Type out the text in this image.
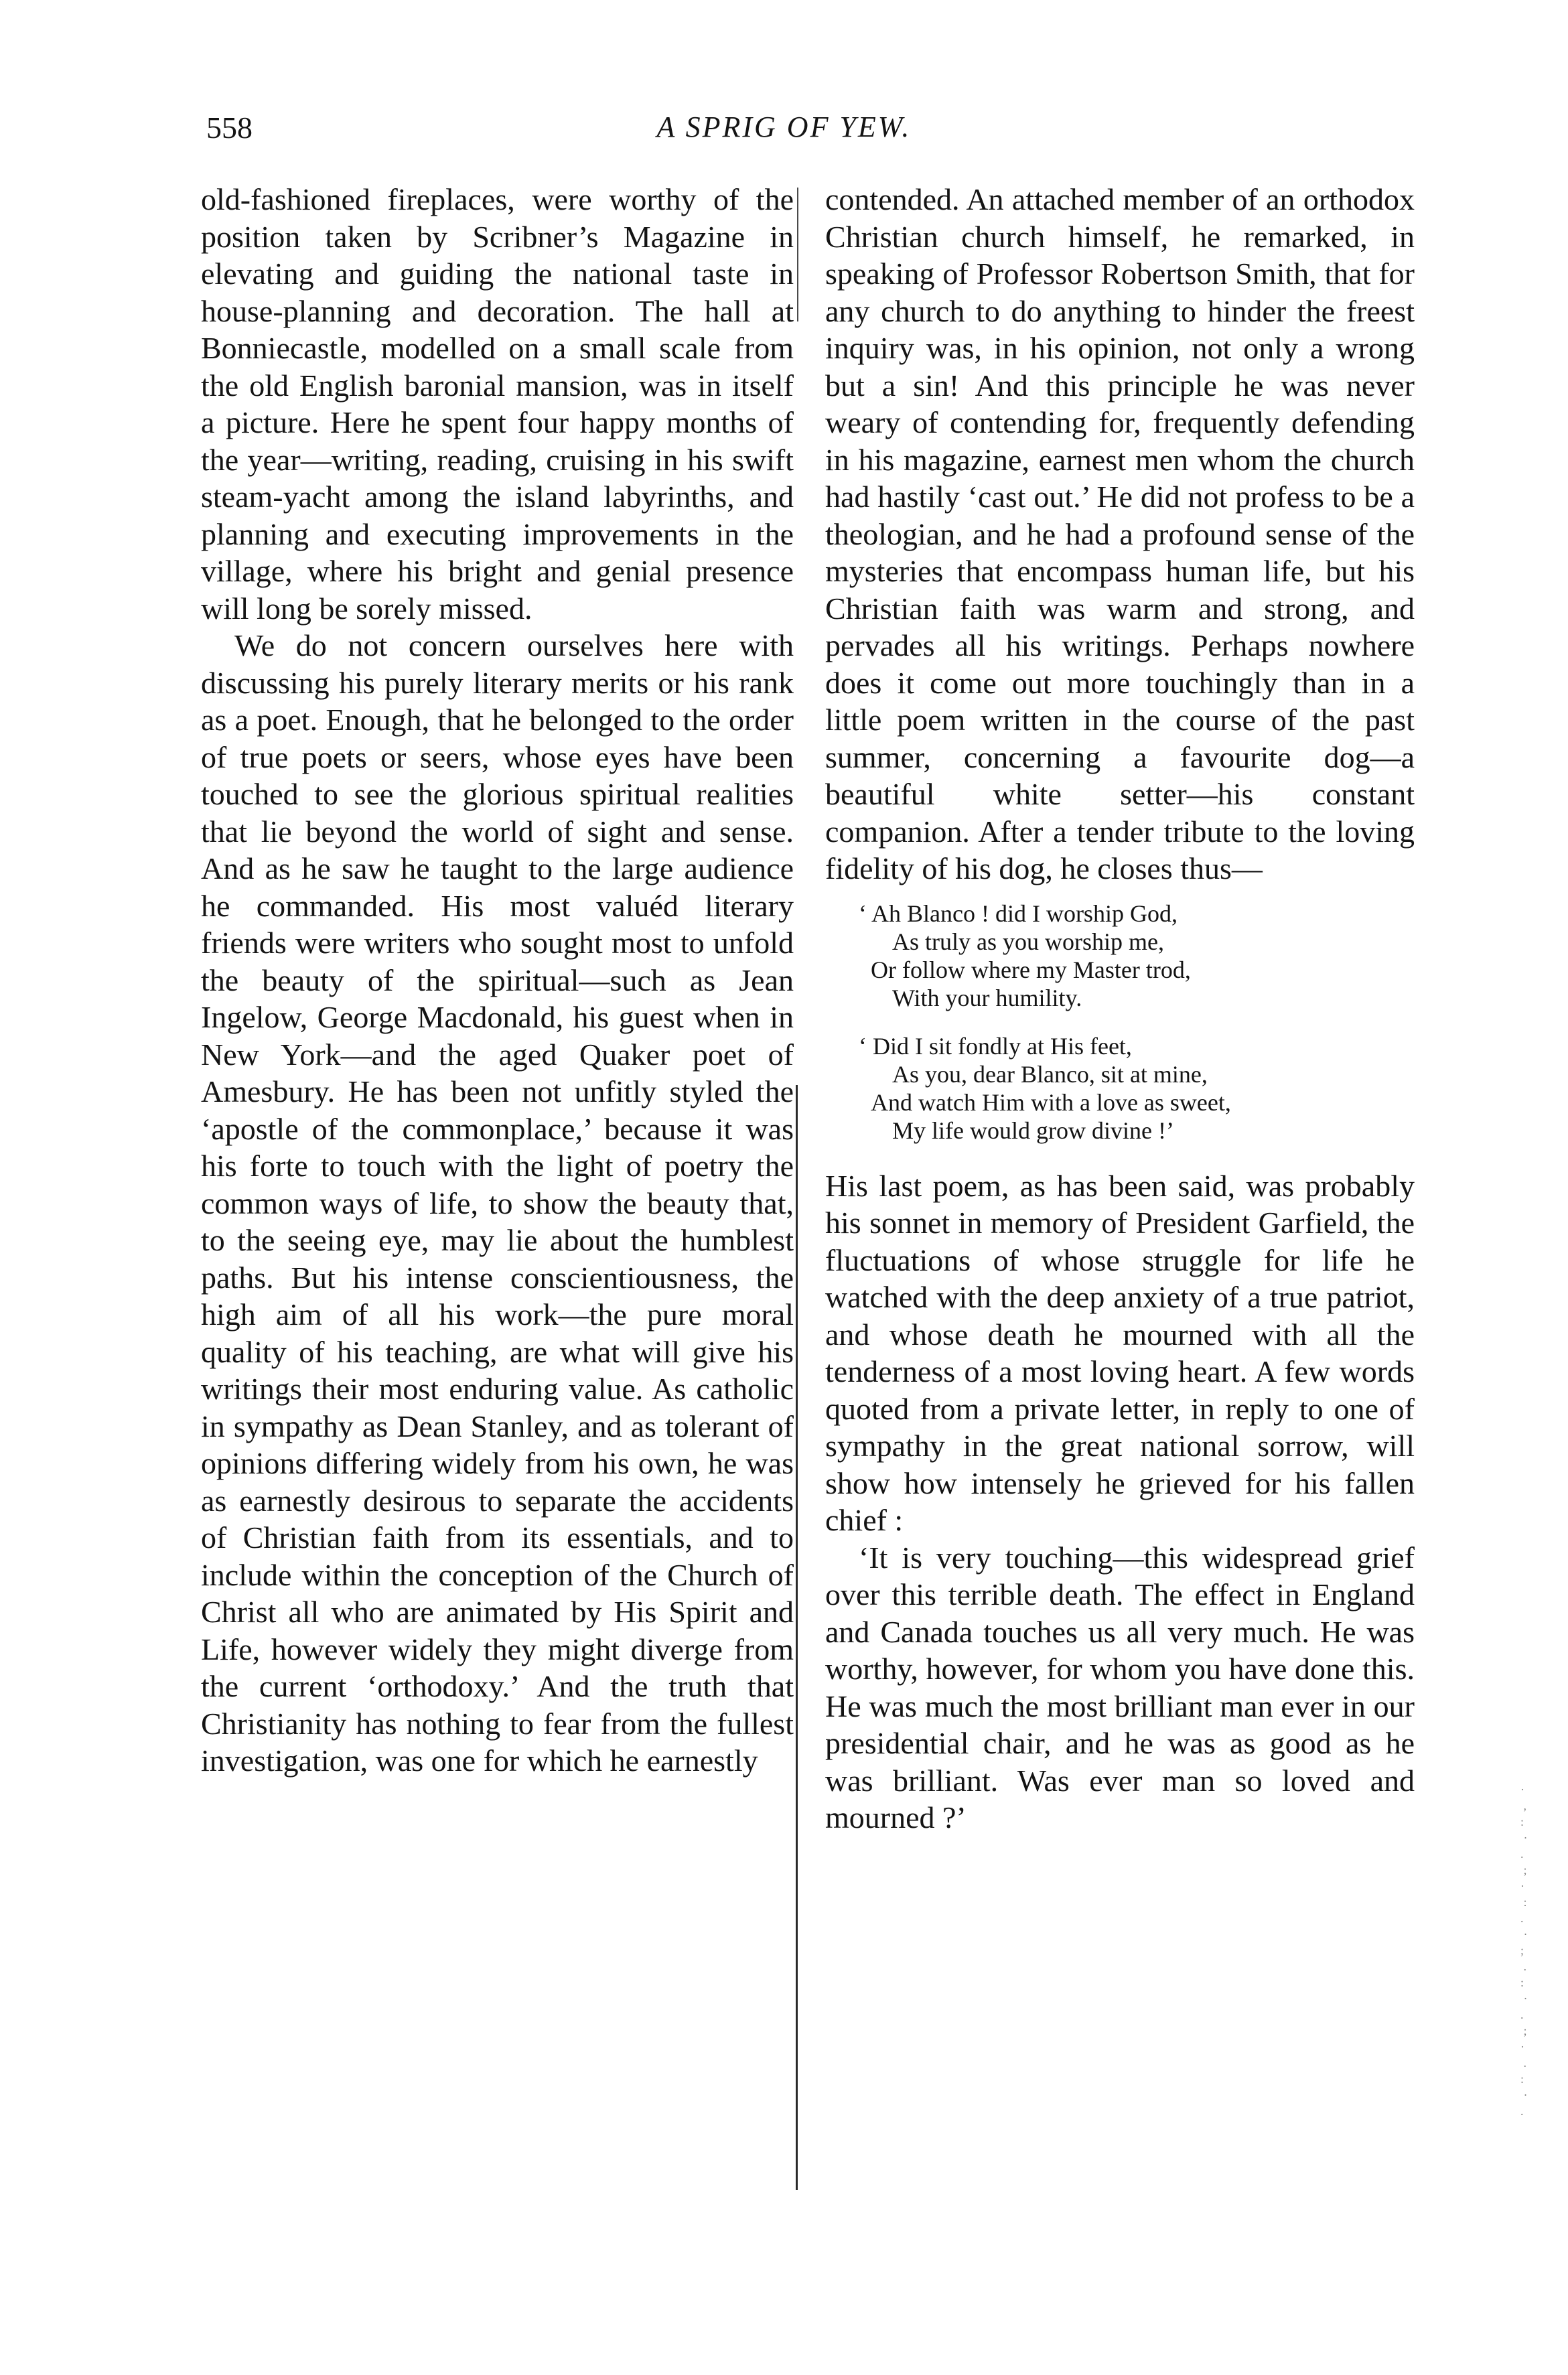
558	A SPRIG OF YEW.

old-fashioned fireplaces, were worthy of the position taken by Scribner’s Magazine in elevating and guiding the national taste in house-planning and decoration. The hall at Bonniecastle, modelled on a small scale from the old English baronial mansion, was in itself a picture. Here he spent four happy months of the year—writing, reading, cruising in his swift steam-yacht among the island labyrinths, and planning and executing improvements in the village, where his bright and genial presence will long be sorely missed.

We do not concern ourselves here with discussing his purely literary merits or his rank as a poet. Enough, that he belonged to the order of true poets or seers, whose eyes have been touched to see the glorious spiritual realities that lie beyond the world of sight and sense. And as he saw he taught to the large audience he commanded. His most valuéd literary friends were writers who sought most to unfold the beauty of the spiritual—such as Jean Ingelow, George Macdonald, his guest when in New York—and the aged Quaker poet of Amesbury. He has been not unfitly styled the ‘apostle of the commonplace,’ because it was his forte to touch with the light of poetry the common ways of life, to show the beauty that, to the seeing eye, may lie about the humblest paths. But his intense conscientiousness, the high aim of all his work—the pure moral quality of his teaching, are what will give his writings their most enduring value. As catholic in sympathy as Dean Stanley, and as tolerant of opinions differing widely from his own, he was as earnestly desirous to separate the accidents of Christian faith from its essentials, and to include within the conception of the Church of Christ all who are animated by His Spirit and Life, however widely they might diverge from the current ‘orthodoxy.’ And the truth that Christianity has nothing to fear from the fullest investigation, was one for which he earnestly

contended. An attached member of an orthodox Christian church himself, he remarked, in speaking of Professor Robertson Smith, that for any church to do anything to hinder the freest inquiry was, in his opinion, not only a wrong but a sin! And this principle he was never weary of contending for, frequently defending in his magazine, earnest men whom the church had hastily ‘cast out.’ He did not profess to be a theologian, and he had a profound sense of the mysteries that encompass human life, but his Christian faith was warm and strong, and pervades all his writings. Perhaps nowhere does it come out more touchingly than in a little poem written in the course of the past summer, concerning a favourite dog—a beautiful white setter—his constant companion. After a tender tribute to the loving fidelity of his dog, he closes thus—

‘ Ah Blanco ! did I worship God,
As truly as you worship me,
Or follow where my Master trod,
With your humility.
‘ Did I sit fondly at His feet,
As you, dear Blanco, sit at mine,
And watch Him with a love as sweet,
My life would grow divine !’

His last poem, as has been said, was probably his sonnet in memory of President Garfield, the fluctuations of whose struggle for life he watched with the deep anxiety of a true patriot, and whose death he mourned with all the tenderness of a most loving heart. A few words quoted from a private letter, in reply to one of sympathy in the great national sorrow, will show how intensely he grieved for his fallen chief :

‘It is very touching—this widespread grief over this terrible death. The effect in England and Canada touches us all very much. He was worthy, however, for whom you have done this. He was much the most brilliant man ever in our presidential chair, and he was as good as he was brilliant. Was ever man so loved and mourned ?’

·
,
:
·
.
;
·
:
.
·
;
.
:
·
.
;
·
.
:
·
.
